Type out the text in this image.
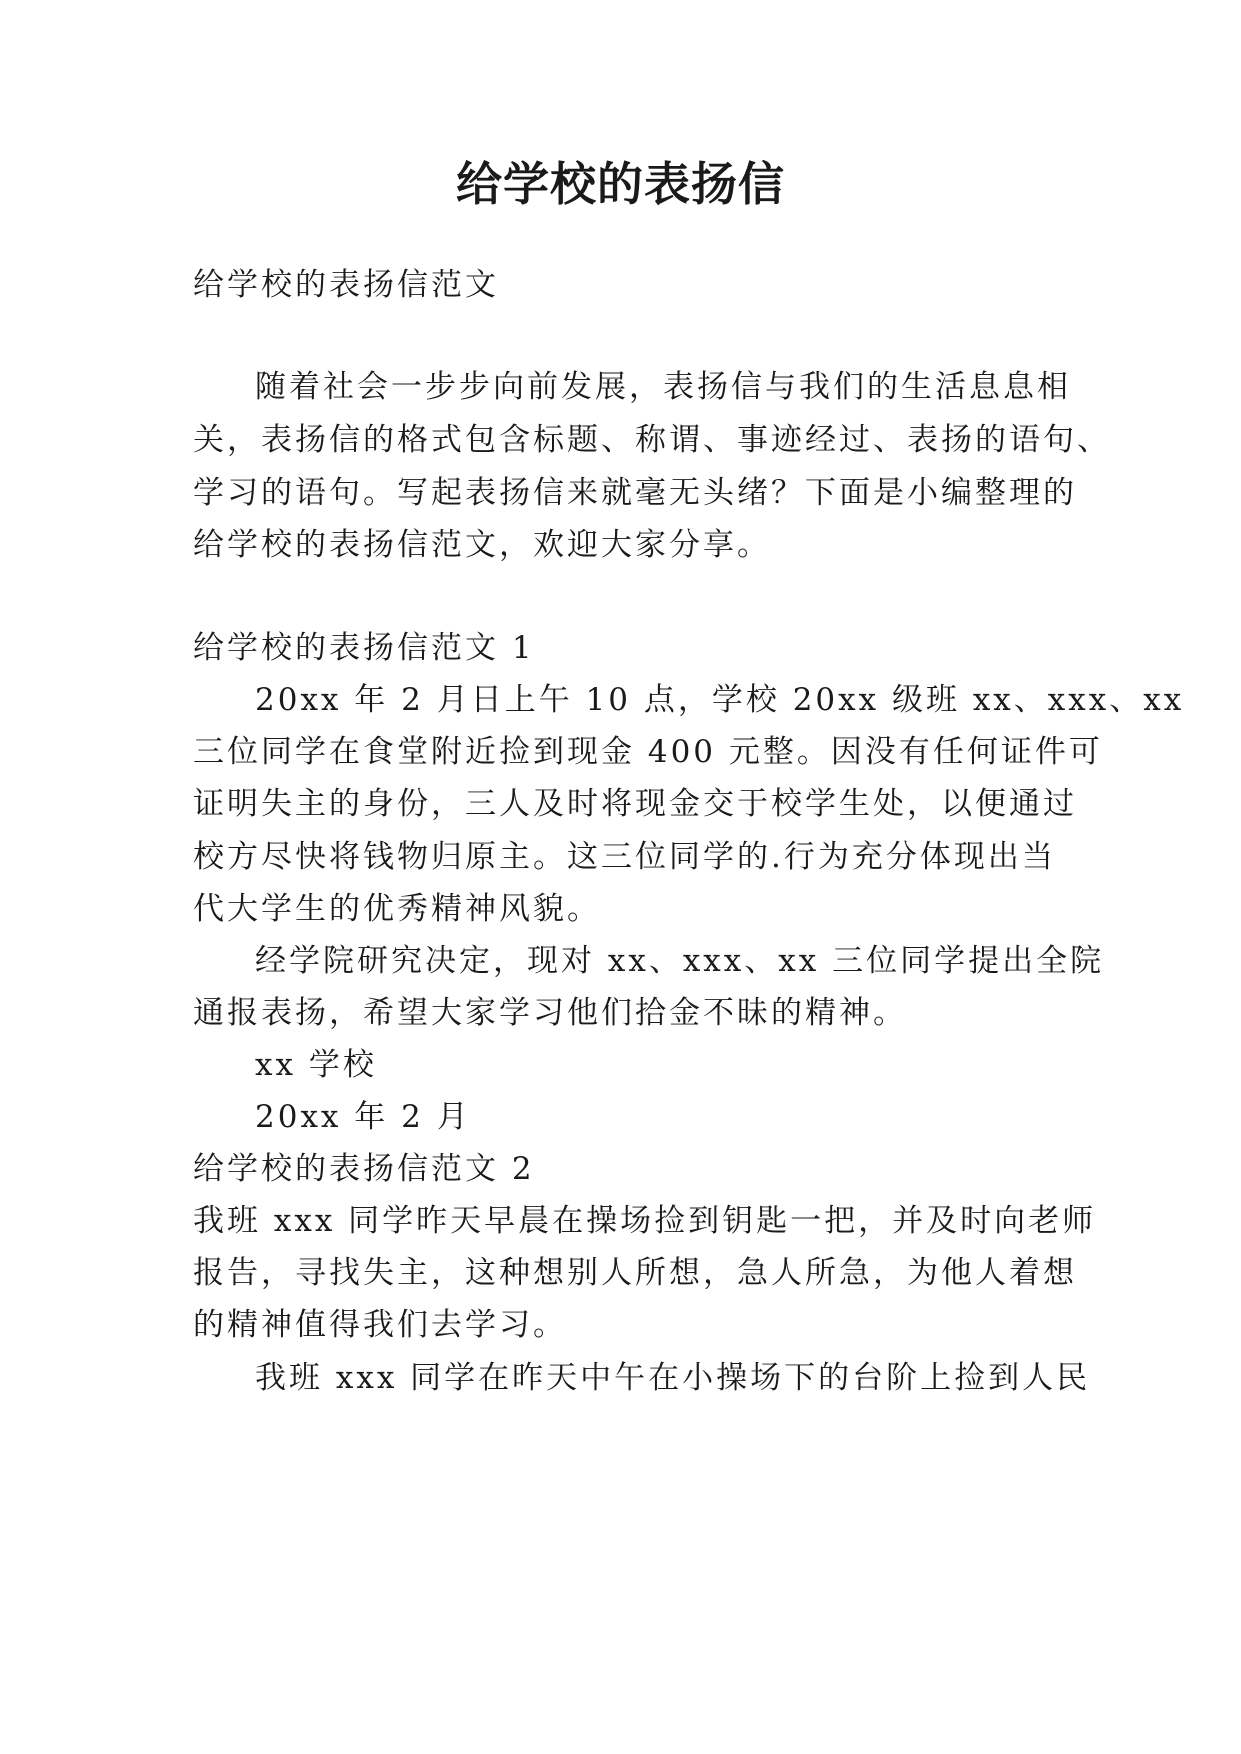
给学校的表扬信
给学校的表扬信范文
随着社会一步步向前发展，表扬信与我们的生活息息相
关，表扬信的格式包含标题、称谓、事迹经过、表扬的语句、
学习的语句。写起表扬信来就毫无头绪？下面是小编整理的
给学校的表扬信范文，欢迎大家分享。
给学校的表扬信范文 1
20xx 年 2 月日上午 10 点，学校 20xx 级班 xx、xxx、xx
三位同学在食堂附近捡到现金 400 元整。因没有任何证件可
证明失主的身份，三人及时将现金交于校学生处，以便通过
校方尽快将钱物归原主。这三位同学的.行为充分体现出当
代大学生的优秀精神风貌。
经学院研究决定，现对 xx、xxx、xx 三位同学提出全院
通报表扬，希望大家学习他们拾金不昧的精神。
xx 学校
20xx 年 2 月
给学校的表扬信范文 2
我班 xxx 同学昨天早晨在操场捡到钥匙一把，并及时向老师
报告，寻找失主，这种想别人所想，急人所急，为他人着想
的精神值得我们去学习。
我班 xxx 同学在昨天中午在小操场下的台阶上捡到人民
